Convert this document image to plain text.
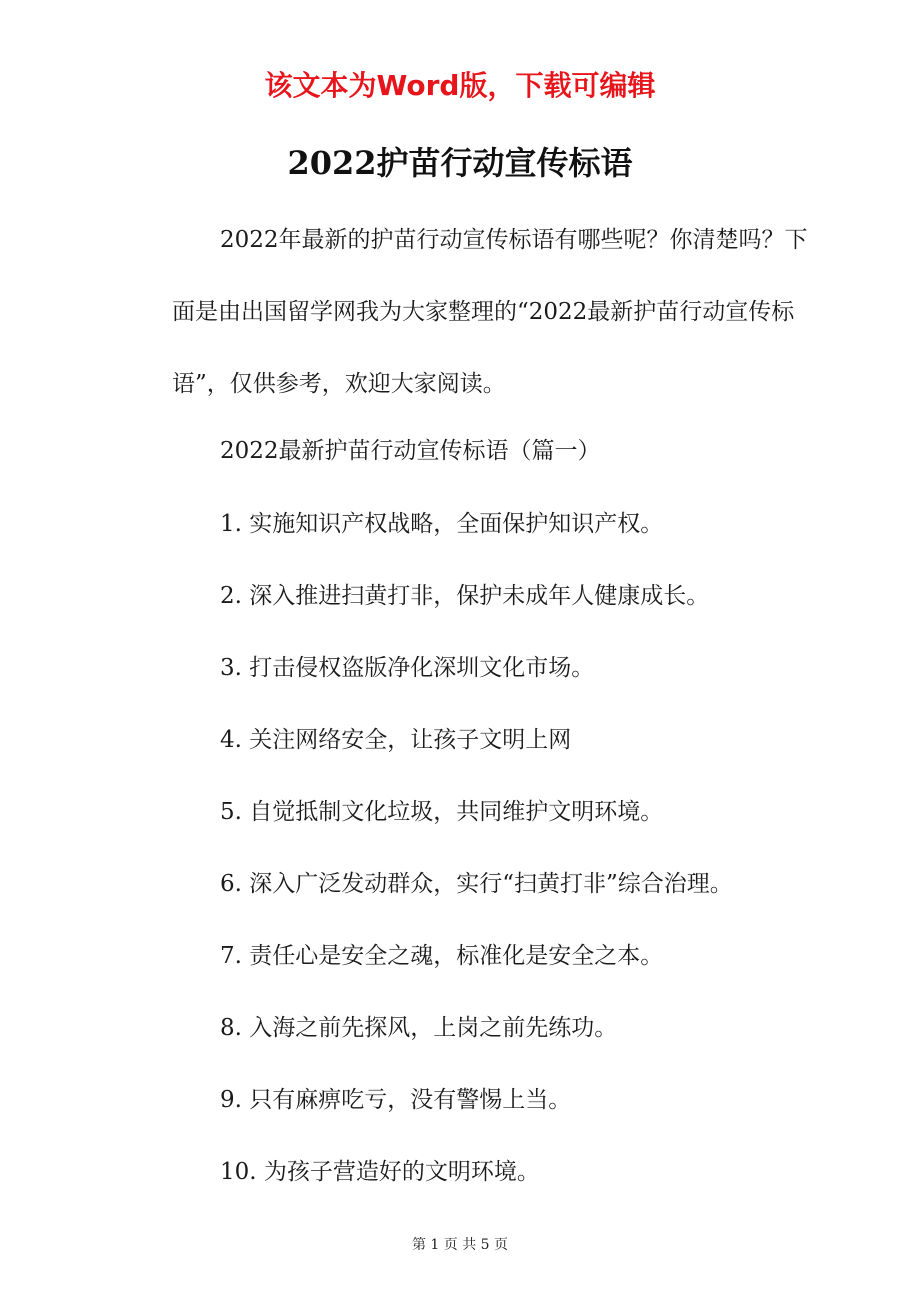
该文本为Word版，下载可编辑
2022护苗行动宣传标语
2022年最新的护苗行动宣传标语有哪些呢？你清楚吗？下面是由出国留学网我为大家整理的“2022最新护苗行动宣传标语”，仅供参考，欢迎大家阅读。
2022最新护苗行动宣传标语（篇一）
1. 实施知识产权战略，全面保护知识产权。
2. 深入推进扫黄打非，保护未成年人健康成长。
3. 打击侵权盗版净化深圳文化市场。
4. 关注网络安全，让孩子文明上网
5. 自觉抵制文化垃圾，共同维护文明环境。
6. 深入广泛发动群众，实行“扫黄打非”综合治理。
7. 责任心是安全之魂，标准化是安全之本。
8. 入海之前先探风，上岗之前先练功。
9. 只有麻痹吃亏，没有警惕上当。
10. 为孩子营造好的文明环境。
第 1 页 共 5 页
